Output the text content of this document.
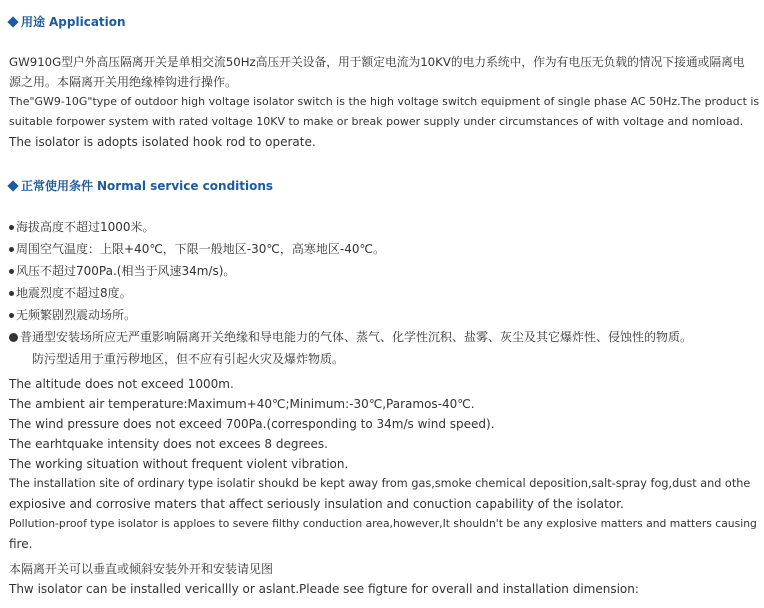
用途 Application
GW910G型户外高压隔离开关是单相交流50Hz高压开关设备，用于额定电流为10KV的电力系统中，作为有电压无负载的情况下接通或隔离电
源之用。本隔离开关用绝缘棒钩进行操作。
The"GW9-10G"type of outdoor high voltage isolator switch is the high voltage switch equipment of single phase AC 50Hz.The product is
suitable forpower system with rated voltage 10KV to make or break power supply under circumstances of with voltage and nomload.
The isolator is adopts isolated hook rod to operate.
正常使用条件 Normal service conditions
海拔高度不超过1000米。
周围空气温度：上限+40℃，下限一般地区-30℃，高寒地区-40℃。
风压不超过700Pa.(相当于风速34m/s)。
地震烈度不超过8度。
无频繁剧烈震动场所。
普通型安装场所应无严重影响隔离开关绝缘和导电能力的气体、蒸气、化学性沉积、盐雾、灰尘及其它爆炸性、侵蚀性的物质。
防污型适用于重污秽地区，但不应有引起火灾及爆炸物质。
The altitude does not exceed 1000m.
The ambient air temperature:Maximum+40℃;Minimum:-30℃,Paramos-40℃.
The wind pressure does not exceed 700Pa.(corresponding to 34m/s wind speed).
The earhtquake intensity does not excees 8 degrees.
The working situation without frequent violent vibration.
The installation site of ordinary type isolatir shoukd be kept away from gas,smoke chemical deposition,salt-spray fog,dust and othe
expiosive and corrosive maters that affect seriously insulation and conuction capability of the isolator.
Pollution-proof type isolator is apploes to severe filthy conduction area,however,It shouldn't be any explosive matters and matters causing
fire.
本隔离开关可以垂直或倾斜安装外开和安装请见图
Thw isolator can be installed vericallly or aslant.Pleade see figture for overall and installation dimension:
